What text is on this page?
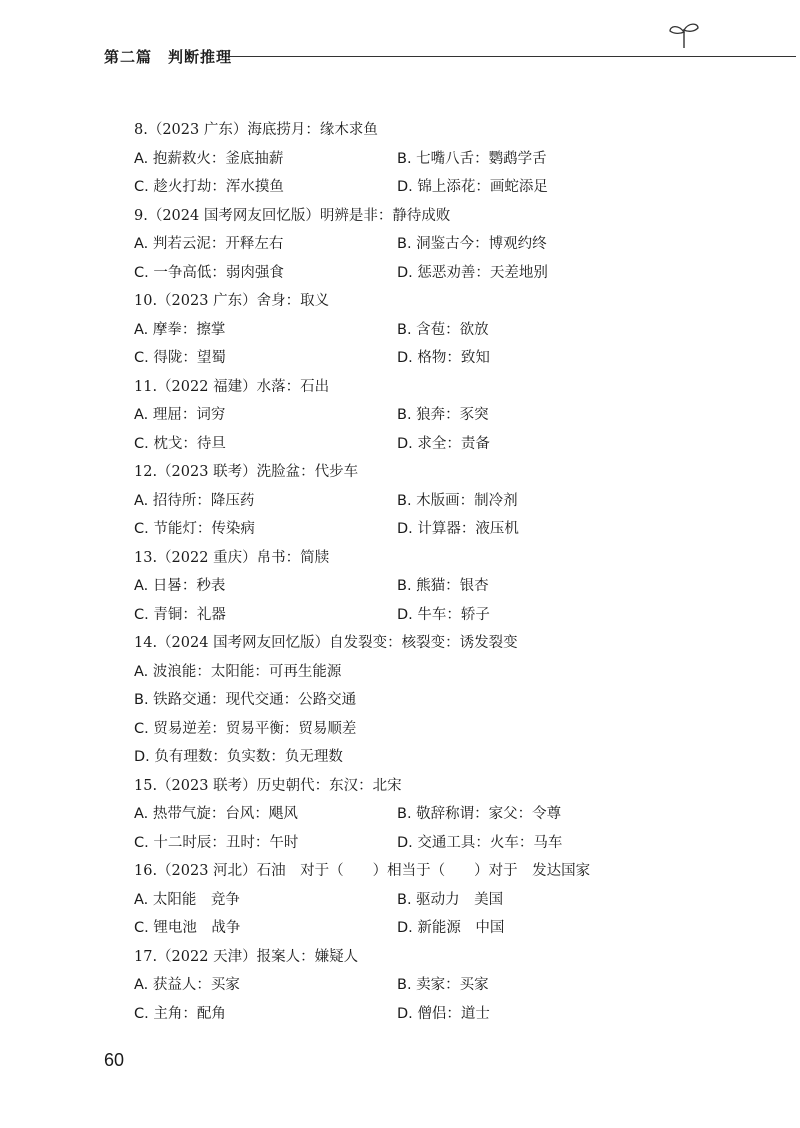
第二篇　判断推理
8.（2023 广东）海底捞月：缘木求鱼
A. 抱薪救火：釜底抽薪	B. 七嘴八舌：鹦鹉学舌
C. 趁火打劫：浑水摸鱼	D. 锦上添花：画蛇添足
9.（2024 国考网友回忆版）明辨是非：静待成败
A. 判若云泥：开释左右	B. 洞鉴古今：博观约终
C. 一争高低：弱肉强食	D. 惩恶劝善：天差地别
10.（2023 广东）舍身：取义
A. 摩拳：擦掌	B. 含苞：欲放
C. 得陇：望蜀	D. 格物：致知
11.（2022 福建）水落：石出
A. 理屈：词穷	B. 狼奔：豕突
C. 枕戈：待旦	D. 求全：责备
12.（2023 联考）洗脸盆：代步车
A. 招待所：降压药	B. 木版画：制冷剂
C. 节能灯：传染病	D. 计算器：液压机
13.（2022 重庆）帛书：简牍
A. 日晷：秒表	B. 熊猫：银杏
C. 青铜：礼器	D. 牛车：轿子
14.（2024 国考网友回忆版）自发裂变：核裂变：诱发裂变
A. 波浪能：太阳能：可再生能源
B. 铁路交通：现代交通：公路交通
C. 贸易逆差：贸易平衡：贸易顺差
D. 负有理数：负实数：负无理数
15.（2023 联考）历史朝代：东汉：北宋
A. 热带气旋：台风：飓风	B. 敬辞称谓：家父：令尊
C. 十二时辰：丑时：午时	D. 交通工具：火车：马车
16.（2023 河北）石油　对于（　　）相当于（　　）对于　发达国家
A. 太阳能　竞争	B. 驱动力　美国
C. 锂电池　战争	D. 新能源　中国
17.（2022 天津）报案人：嫌疑人
A. 获益人：买家	B. 卖家：买家
C. 主角：配角	D. 僧侣：道士
60
